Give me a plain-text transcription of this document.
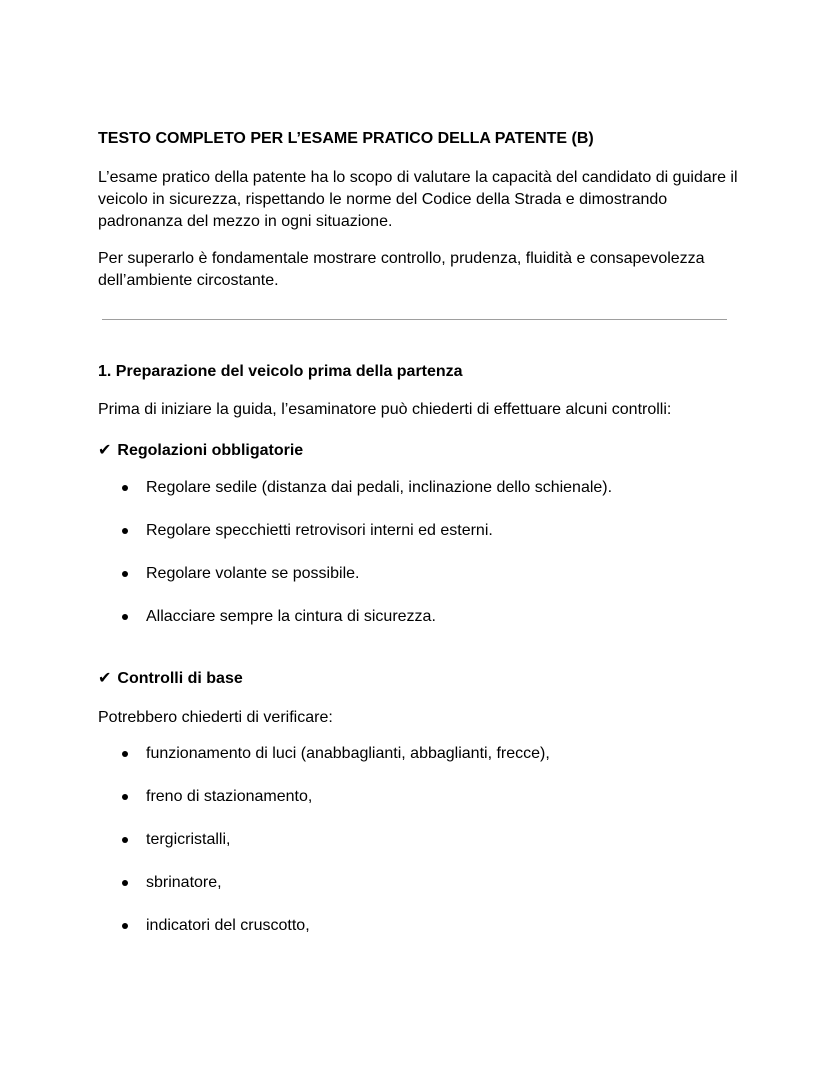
TESTO COMPLETO PER L’ESAME PRATICO DELLA PATENTE (B)

L’esame pratico della patente ha lo scopo di valutare la capacità del candidato di guidare il veicolo in sicurezza, rispettando le norme del Codice della Strada e dimostrando padronanza del mezzo in ogni situazione.

Per superarlo è fondamentale mostrare controllo, prudenza, fluidità e consapevolezza dell’ambiente circostante.

1. Preparazione del veicolo prima della partenza

Prima di iniziare la guida, l’esaminatore può chiederti di effettuare alcuni controlli:

✔ Regolazioni obbligatorie

Regolare sedile (distanza dai pedali, inclinazione dello schienale).
Regolare specchietti retrovisori interni ed esterni.
Regolare volante se possibile.
Allacciare sempre la cintura di sicurezza.

✔ Controlli di base

Potrebbero chiederti di verificare:

funzionamento di luci (anabbaglianti, abbaglianti, frecce),
freno di stazionamento,
tergicristalli,
sbrinatore,
indicatori del cruscotto,
